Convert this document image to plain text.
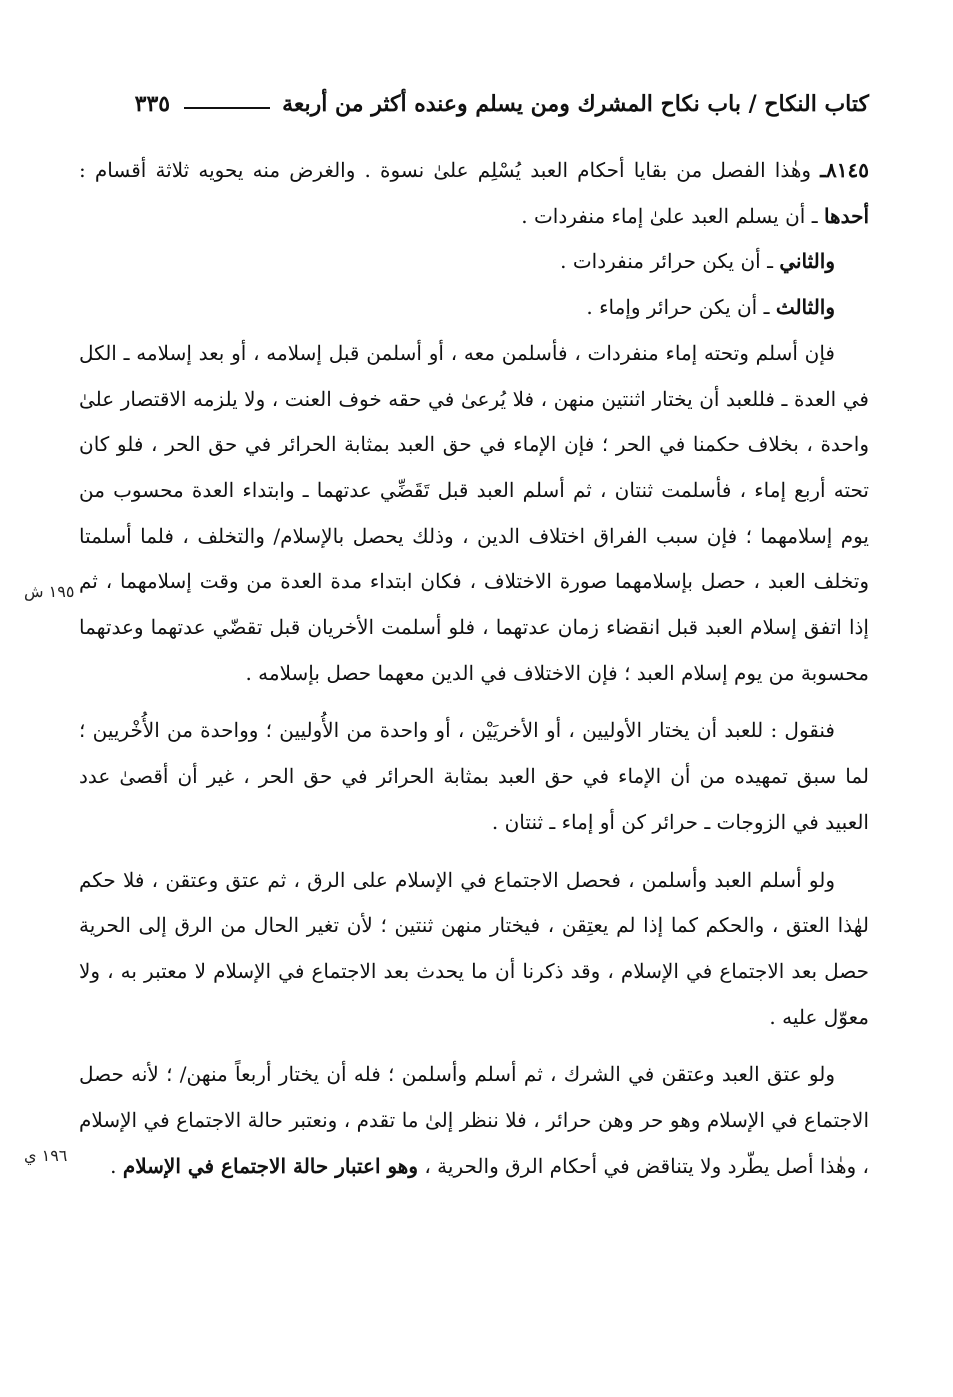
كتاب النكاح / باب نكاح المشرك ومن يسلم وعنده أكثر من أربعة
٣٣٥

٨١٤٥ـ وهٰذا الفصل من بقايا أحكام العبد يُسْلِم علىٰ نسوة . والغرض منه يحويه ثلاثة أقسام : أحدها ـ أن يسلم العبد علىٰ إماء منفردات .

والثاني ـ أن يكن حرائر منفردات .

والثالث ـ أن يكن حرائر وإماء .

فإن أسلم وتحته إماء منفردات ، فأسلمن معه ، أو أسلمن قبل إسلامه ، أو بعد إسلامه ـ الكل في العدة ـ فللعبد أن يختار اثنتين منهن ، فلا يُرعىٰ في حقه خوف العنت ، ولا يلزمه الاقتصار علىٰ واحدة ، بخلاف حكمنا في الحر ؛ فإن الإماء في حق العبد بمثابة الحرائر في حق الحر ، فلو كان تحته أربع إماء ، فأسلمت ثنتان ، ثم أسلم العبد قبل تَقَضِّي عدتهما ـ وابتداء العدة محسوب من يوم إسلامهما ؛ فإن سبب الفراق اختلاف الدين ، وذلك يحصل بالإسلام/ والتخلف ، فلما أسلمتا وتخلف العبد ، حصل بإسلامهما صورة الاختلاف ، فكان ابتداء مدة العدة من وقت إسلامهما ، ثم إذا اتفق إسلام العبد قبل انقضاء زمان عدتهما ، فلو أسلمت الأخريان قبل تقضّي عدتهما وعدتهما محسوبة من يوم إسلام العبد ؛ فإن الاختلاف في الدين معهما حصل بإسلامه .

فنقول : للعبد أن يختار الأوليين ، أو الأخريَيْن ، أو واحدة من الأُوليين ؛ وواحدة من الأُخْريين ؛ لما سبق تمهيده من أن الإماء في حق العبد بمثابة الحرائر في حق الحر ، غير أن أقصىٰ عدد العبيد في الزوجات ـ حرائر كن أو إماء ـ ثنتان .

ولو أسلم العبد وأسلمن ، فحصل الاجتماع في الإسلام على الرق ، ثم عتق وعتقن ، فلا حكم لهٰذا العتق ، والحكم كما إذا لم يعتِقن ، فيختار منهن ثنتين ؛ لأن تغير الحال من الرق إلى الحرية حصل بعد الاجتماع في الإسلام ، وقد ذكرنا أن ما يحدث بعد الاجتماع في الإسلام لا معتبر به ، ولا معوّل عليه .

ولو عتق العبد وعتقن في الشرك ، ثم أسلم وأسلمن ؛ فله أن يختار أربعاً منهن/ ؛ لأنه حصل الاجتماع في الإسلام وهو حر وهن حرائر ، فلا ننظر إلىٰ ما تقدم ، ونعتبر حالة الاجتماع في الإسلام ، وهٰذا أصل يطّرد ولا يتناقض في أحكام الرق والحرية ، وهو اعتبار حالة الاجتماع في الإسلام .

١٩٥ ش
١٩٦ ي
